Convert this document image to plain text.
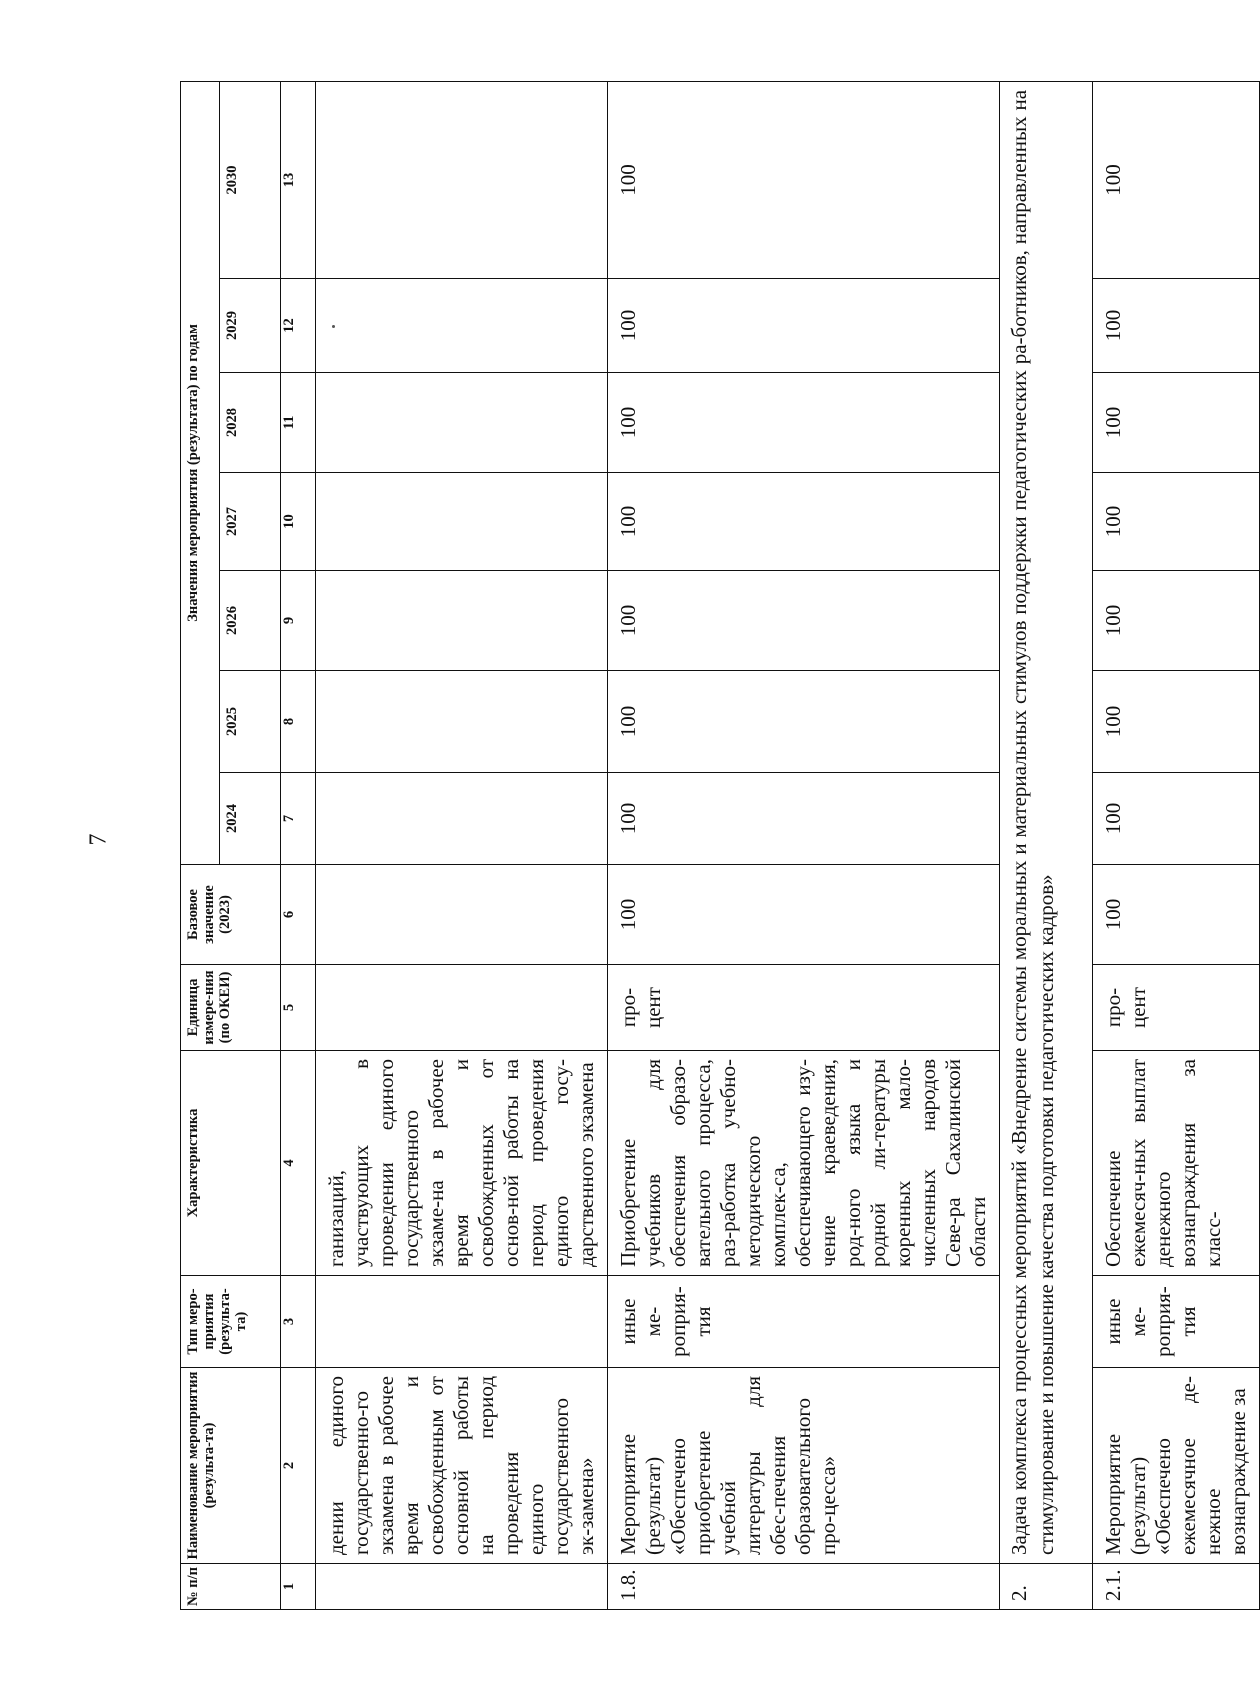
7
№ п/п	Наименование мероприятия (результа-та)	Тип меро-приятия (результа-та)	Характеристика	Единица измере-ния (по ОКЕИ)	Базовое значение (2023)	Значения мероприятия (результата) по годам						
						2024	2025	2026	2027	2028	2029	2030
1	2	3	4	5	6	7	8	9	10	11	12	13
	дении единого государственно-го экзамена в рабочее время и освобожденным от основной работы на период проведения единого государственного эк-замена»		ганизаций, участвующих в проведении единого государственного экзаме-на в рабочее время и освобожденных от основ-ной работы на период проведения единого госу-дарственного экзамена									
1.8.	Мероприятие (результат) «Обеспечено приобретение учебной литературы для обес-печения образовательного про-цесса»	иные ме-роприя-тия	Приобретение учебников для обеспечения образо-вательного процесса, раз-работка учебно-методического комплек-са, обеспечивающего изу-чение краеведения, род-ного языка и родной ли-тературы коренных мало-численных народов Севе-ра Сахалинской области	про-цент	100	100	100	100	100	100	100	100
2.	Задача комплекса процессных мероприятий «Внедрение системы моральных и материальных стимулов поддержки педагогических ра-ботников, направленных на стимулирование и повышение качества подготовки педагогических кадров»											
2.1.	Мероприятие (результат) «Обеспечено ежемесячное де-нежное вознаграждение за	иные ме-роприя-тия	Обеспечение ежемесяч-ных выплат денежного вознаграждения за класс-	про-цент	100	100	100	100	100	100	100	100
